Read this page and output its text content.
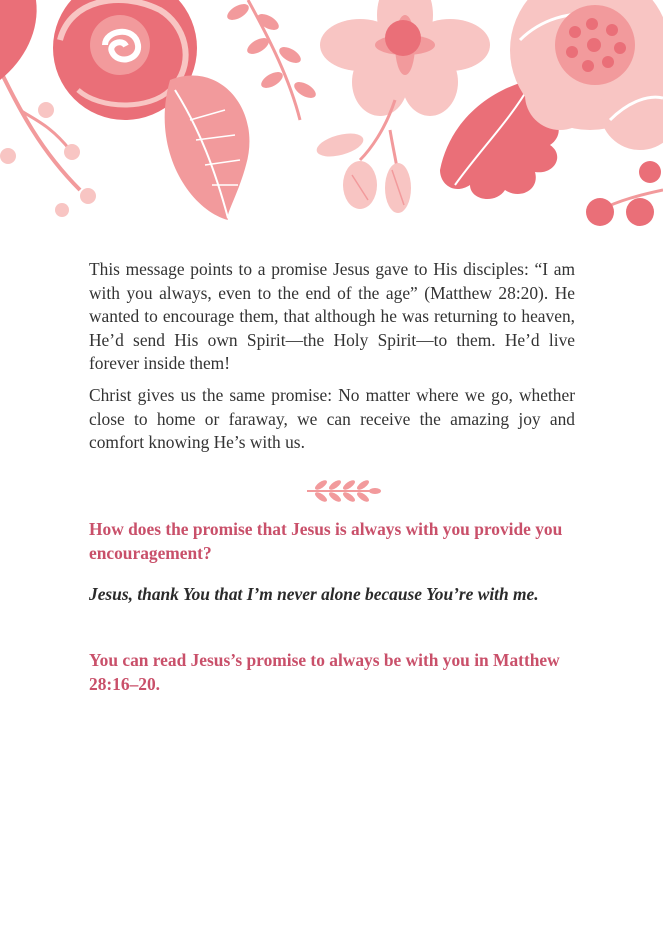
This message points to a promise Jesus gave to His disciples: “I am with you always, even to the end of the age” (Matthew 28:20). He wanted to encourage them, that although he was returning to heaven, He’d send His own Spirit—the Holy Spirit—to them. He’d live forever inside them!

Christ gives us the same promise: No matter where we go, whether close to home or faraway, we can receive the amazing joy and comfort knowing He’s with us.

How does the promise that Jesus is always with you provide you encouragement?

Jesus, thank You that I’m never alone because You’re with me.

You can read Jesus’s promise to always be with you in Matthew 28:16–20.
